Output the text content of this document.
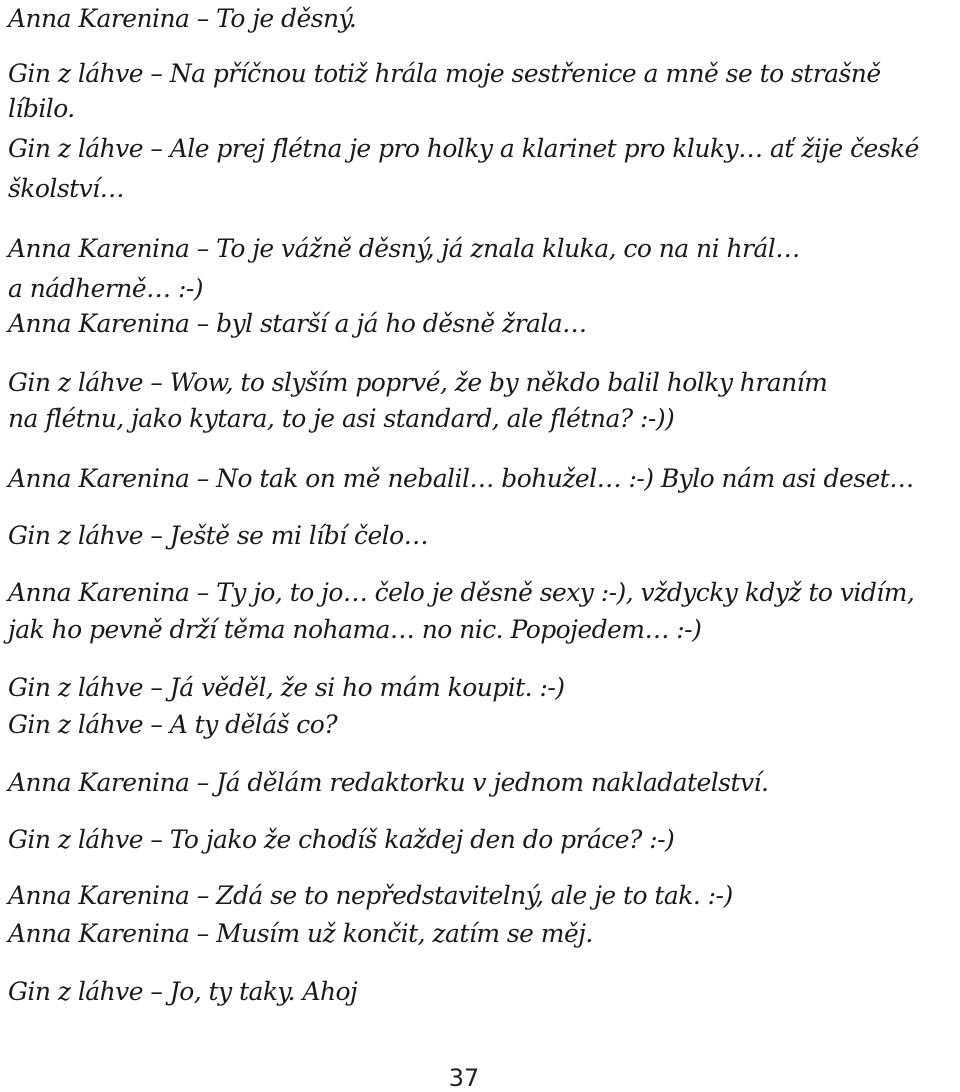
Anna Karenina – To je děsný.
Gin z láhve – Na příčnou totiž hrála moje sestřenice a mně se to strašně
líbilo.
Gin z láhve – Ale prej flétna je pro holky a klarinet pro kluky… ať žije české
školství…
Anna Karenina – To je vážně děsný, já znala kluka, co na ni hrál…
a nádherně… :-)
Anna Karenina – byl starší a já ho děsně žrala…
Gin z láhve – Wow, to slyším poprvé, že by někdo balil holky hraním
na flétnu, jako kytara, to je asi standard, ale flétna? :-))
Anna Karenina – No tak on mě nebalil… bohužel… :-) Bylo nám asi deset…
Gin z láhve – Ještě se mi líbí čelo…
Anna Karenina – Ty jo, to jo… čelo je děsně sexy :-), vždycky když to vidím,
jak ho pevně drží těma nohama… no nic. Popojedem… :-)
Gin z láhve – Já věděl, že si ho mám koupit. :-)
Gin z láhve – A ty děláš co?
Anna Karenina – Já dělám redaktorku v jednom nakladatelství.
Gin z láhve – To jako že chodíš každej den do práce? :-)
Anna Karenina – Zdá se to nepředstavitelný, ale je to tak. :-)
Anna Karenina – Musím už končit, zatím se měj.
Gin z láhve – Jo, ty taky. Ahoj
37
